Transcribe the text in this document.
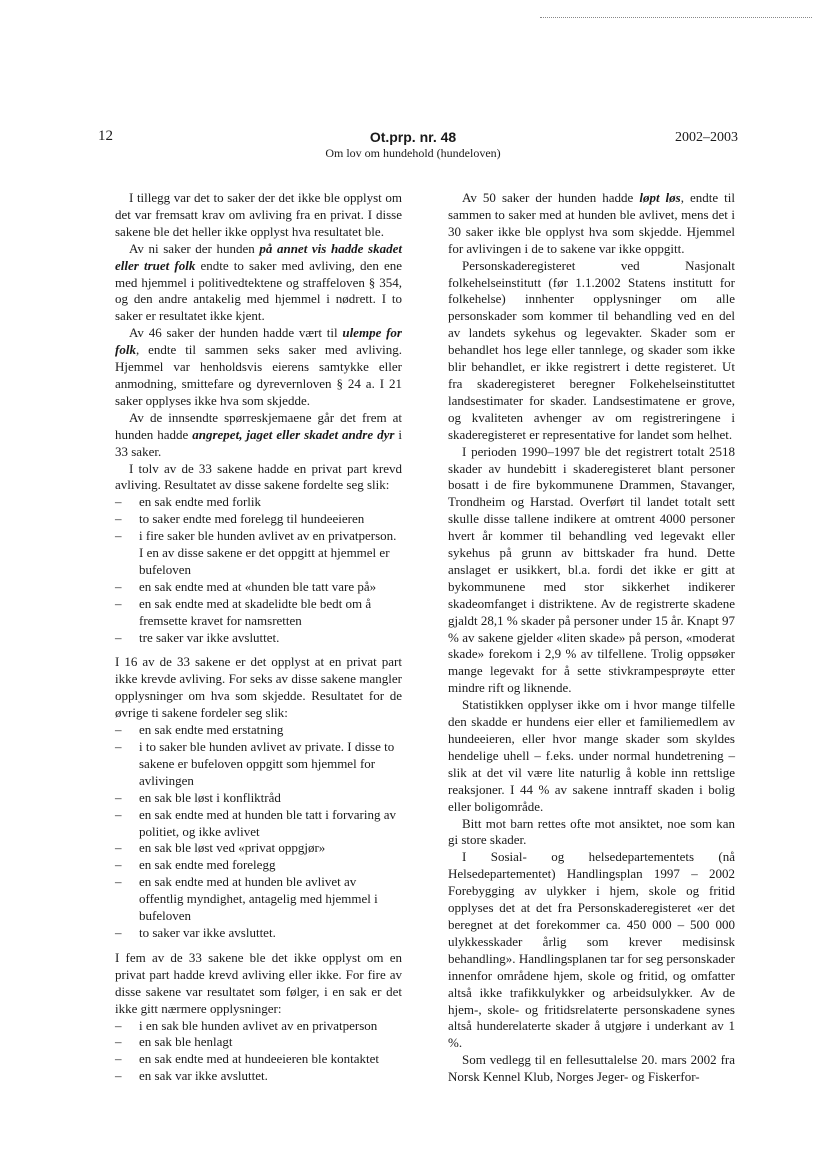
12	Ot.prp. nr. 48
Om lov om hundehold (hundeloven)
2002–2003

I tillegg var det to saker der det ikke ble opplyst om det var fremsatt krav om avliving fra en privat. I disse sakene ble det heller ikke opplyst hva resultatet ble.

Av ni saker der hunden på annet vis hadde skadet eller truet folk endte to saker med avliving, den ene med hjemmel i politivedtektene og straffeloven § 354, og den andre antakelig med hjemmel i nødrett. I to saker er resultatet ikke kjent.

Av 46 saker der hunden hadde vært til ulempe for folk, endte til sammen seks saker med avliving. Hjemmel var henholdsvis eierens samtykke eller anmodning, smittefare og dyrevernloven § 24 a. I 21 saker opplyses ikke hva som skjedde.

Av de innsendte spørreskjemaene går det frem at hunden hadde angrepet, jaget eller skadet andre dyr i 33 saker.

I tolv av de 33 sakene hadde en privat part krevd avliving. Resultatet av disse sakene fordelte seg slik:

– en sak endte med forlik
– to saker endte med forelegg til hundeeieren
– i fire saker ble hunden avlivet av en privatperson. I en av disse sakene er det oppgitt at hjemmel er bufeloven
– en sak endte med at «hunden ble tatt vare på»
– en sak endte med at skadelidte ble bedt om å fremsette kravet for namsretten
– tre saker var ikke avsluttet.

I 16 av de 33 sakene er det opplyst at en privat part ikke krevde avliving. For seks av disse sakene mangler opplysninger om hva som skjedde. Resultatet for de øvrige ti sakene fordeler seg slik:

– en sak endte med erstatning
– i to saker ble hunden avlivet av private. I disse to sakene er bufeloven oppgitt som hjemmel for avlivingen
– en sak ble løst i konfliktråd
– en sak endte med at hunden ble tatt i forvaring av politiet, og ikke avlivet
– en sak ble løst ved «privat oppgjør»
– en sak endte med forelegg
– en sak endte med at hunden ble avlivet av offentlig myndighet, antagelig med hjemmel i bufeloven
– to saker var ikke avsluttet.

I fem av de 33 sakene ble det ikke opplyst om en privat part hadde krevd avliving eller ikke. For fire av disse sakene var resultatet som følger, i en sak er det ikke gitt nærmere opplysninger:

– i en sak ble hunden avlivet av en privatperson
– en sak ble henlagt
– en sak endte med at hundeeieren ble kontaktet
– en sak var ikke avsluttet.

Av 50 saker der hunden hadde løpt løs, endte til sammen to saker med at hunden ble avlivet, mens det i 30 saker ikke ble opplyst hva som skjedde. Hjemmel for avlivingen i de to sakene var ikke oppgitt.

Personskaderegisteret ved Nasjonalt folkehelseinstitutt (før 1.1.2002 Statens institutt for folkehelse) innhenter opplysninger om alle personskader som kommer til behandling ved en del av landets sykehus og legevakter. Skader som er behandlet hos lege eller tannlege, og skader som ikke blir behandlet, er ikke registrert i dette registeret. Ut fra skaderegisteret beregner Folkehelseinstituttet landsestimater for skader. Landsestimatene er grove, og kvaliteten avhenger av om registreringene i skaderegisteret er representative for landet som helhet.

I perioden 1990–1997 ble det registrert totalt 2518 skader av hundebitt i skaderegisteret blant personer bosatt i de fire bykommunene Drammen, Stavanger, Trondheim og Harstad. Overført til landet totalt sett skulle disse tallene indikere at omtrent 4000 personer hvert år kommer til behandling ved legevakt eller sykehus på grunn av bittskader fra hund. Dette anslaget er usikkert, bl.a. fordi det ikke er gitt at bykommunene med stor sikkerhet indikerer skadeomfanget i distriktene. Av de registrerte skadene gjaldt 28,1 % skader på personer under 15 år. Knapt 97 % av sakene gjelder «liten skade» på person, «moderat skade» forekom i 2,9 % av tilfellene. Trolig oppsøker mange legevakt for å sette stivkrampesprøyte etter mindre rift og liknende.

Statistikken opplyser ikke om i hvor mange tilfelle den skadde er hundens eier eller et familiemedlem av hundeeieren, eller hvor mange skader som skyldes hendelige uhell – f.eks. under normal hundetrening – slik at det vil være lite naturlig å koble inn rettslige reaksjoner. I 44 % av sakene inntraff skaden i bolig eller boligområde.

Bitt mot barn rettes ofte mot ansiktet, noe som kan gi store skader.

I Sosial- og helsedepartementets (nå Helsedepartementet) Handlingsplan 1997 – 2002 Forebygging av ulykker i hjem, skole og fritid opplyses det at det fra Personskaderegisteret «er det beregnet at det forekommer ca. 450 000 – 500 000 ulykkesskader årlig som krever medisinsk behandling». Handlingsplanen tar for seg personskader innenfor områdene hjem, skole og fritid, og omfatter altså ikke trafikkulykker og arbeidsulykker. Av de hjem-, skole- og fritidsrelaterte personskadene synes altså hunderelaterte skader å utgjøre i underkant av 1 %.

Som vedlegg til en fellesuttalelse 20. mars 2002 fra Norsk Kennel Klub, Norges Jeger- og Fiskerfor-
